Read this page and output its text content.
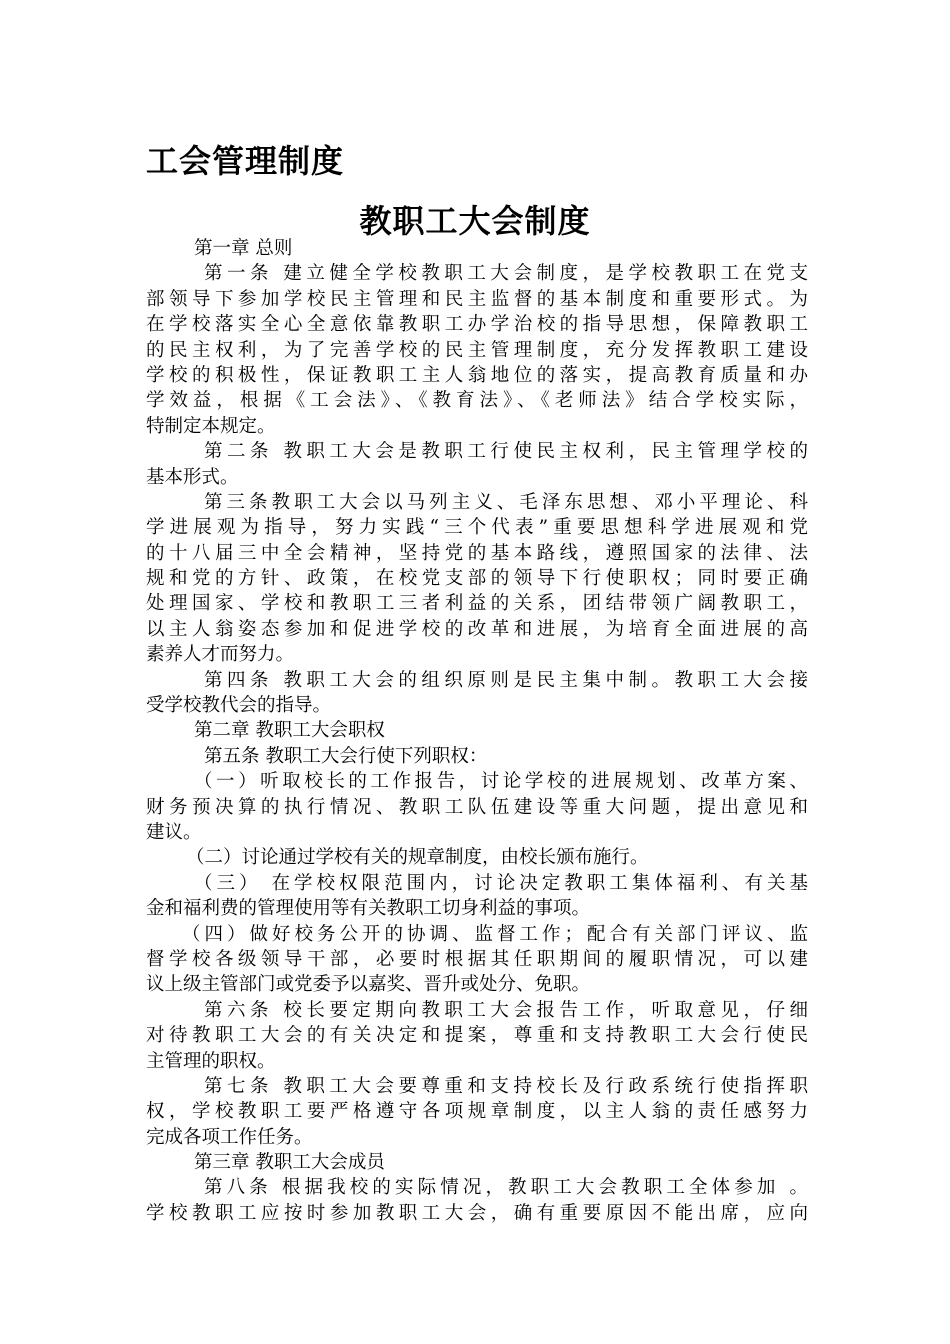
工会管理制度
教职工大会制度
第一章 总则
第一条 建立健全学校教职工大会制度，是学校教职工在党支
部领导下参加学校民主管理和民主监督的基本制度和重要形式。为
在学校落实全心全意依靠教职工办学治校的指导思想，保障教职工
的民主权利，为了完善学校的民主管理制度，充分发挥教职工建设
学校的积极性，保证教职工主人翁地位的落实，提高教育质量和办
学效益，根据《工会法》、《教育法》、《老师法》结合学校实际，
特制定本规定。
第二条 教职工大会是教职工行使民主权利，民主管理学校的
基本形式。
第三条教职工大会以马列主义、毛泽东思想、邓小平理论、科
学进展观为指导，努力实践“三个代表”重要思想科学进展观和党
的十八届三中全会精神，坚持党的基本路线，遵照国家的法律、法
规和党的方针、政策，在校党支部的领导下行使职权；同时要正确
处理国家、学校和教职工三者利益的关系，团结带领广阔教职工，
以主人翁姿态参加和促进学校的改革和进展，为培育全面进展的高
素养人才而努力。
第四条 教职工大会的组织原则是民主集中制。教职工大会接
受学校教代会的指导。
第二章 教职工大会职权
第五条 教职工大会行使下列职权：
（一）听取校长的工作报告，讨论学校的进展规划、改革方案、
财务预决算的执行情况、教职工队伍建设等重大问题，提出意见和
建议。
（二）讨论通过学校有关的规章制度，由校长颁布施行。
（三） 在学校权限范围内，讨论决定教职工集体福利、有关基
金和福利费的管理使用等有关教职工切身利益的事项。
（四）做好校务公开的协调、监督工作；配合有关部门评议、监
督学校各级领导干部，必要时根据其任职期间的履职情况，可以建
议上级主管部门或党委予以嘉奖、晋升或处分、免职。
第六条 校长要定期向教职工大会报告工作，听取意见，仔细
对待教职工大会的有关决定和提案，尊重和支持教职工大会行使民
主管理的职权。
第七条 教职工大会要尊重和支持校长及行政系统行使指挥职
权，学校教职工要严格遵守各项规章制度，以主人翁的责任感努力
完成各项工作任务。
第三章 教职工大会成员
第八条 根据我校的实际情况，教职工大会教职工全体参加 。
学校教职工应按时参加教职工大会，确有重要原因不能出席，应向
